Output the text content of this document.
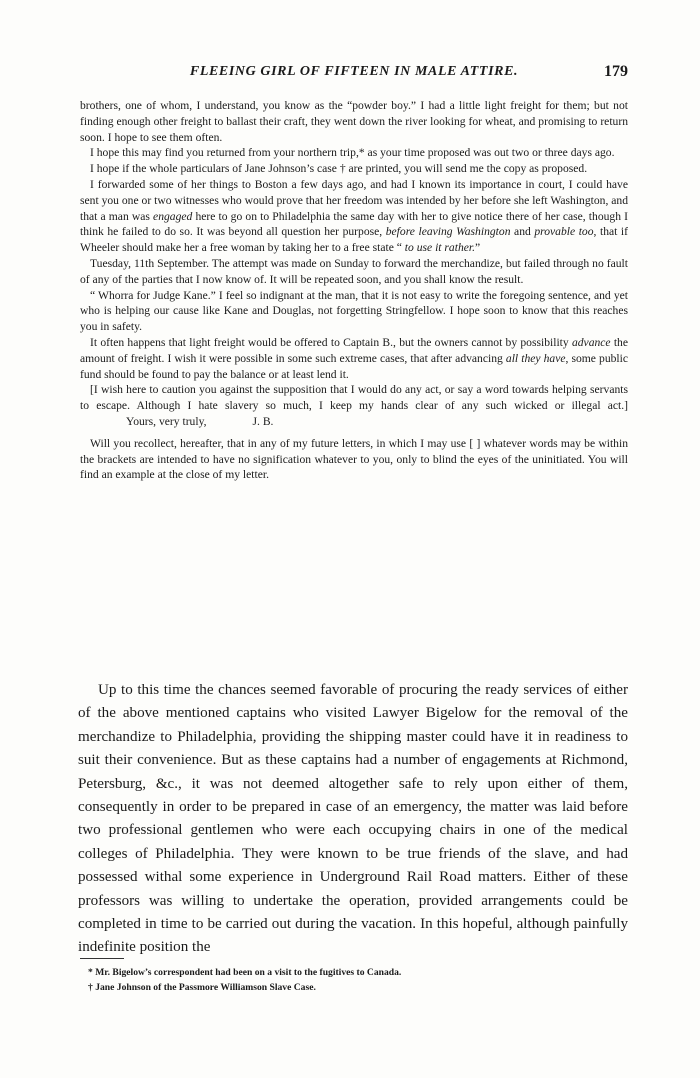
FLEEING GIRL OF FIFTEEN IN MALE ATTIRE.	179

brothers, one of whom, I understand, you know as the “powder boy.” I had a little light freight for them; but not finding enough other freight to ballast their craft, they went down the river looking for wheat, and promising to return soon. I hope to see them often.

I hope this may find you returned from your northern trip,* as your time proposed was out two or three days ago.

I hope if the whole particulars of Jane Johnson’s case † are printed, you will send me the copy as proposed.

I forwarded some of her things to Boston a few days ago, and had I known its importance in court, I could have sent you one or two witnesses who would prove that her freedom was intended by her before she left Washington, and that a man was engaged here to go on to Philadelphia the same day with her to give notice there of her case, though I think he failed to do so. It was beyond all question her purpose, before leaving Washington and provable too, that if Wheeler should make her a free woman by taking her to a free state “ to use it rather.”

Tuesday, 11th September. The attempt was made on Sunday to forward the merchandize, but failed through no fault of any of the parties that I now know of. It will be repeated soon, and you shall know the result.

“ Whorra for Judge Kane.” I feel so indignant at the man, that it is not easy to write the foregoing sentence, and yet who is helping our cause like Kane and Douglas, not forgetting Stringfellow. I hope soon to know that this reaches you in safety.

It often happens that light freight would be offered to Captain B., but the owners cannot by possibility advance the amount of freight. I wish it were possible in some such extreme cases, that after advancing all they have, some public fund should be found to pay the balance or at least lend it.

[I wish here to caution you against the supposition that I would do any act, or say a word towards helping servants to escape. Although I hate slavery so much, I keep my hands clear of any such wicked or illegal act.]Yours, very truly,	J. B.

Will you recollect, hereafter, that in any of my future letters, in which I may use [ ] whatever words may be within the brackets are intended to have no signification whatever to you, only to blind the eyes of the uninitiated. You will find an example at the close of my letter.

Up to this time the chances seemed favorable of procuring the ready services of either of the above mentioned captains who visited Lawyer Bigelow for the removal of the merchandize to Philadelphia, providing the shipping master could have it in readiness to suit their convenience. But as these captains had a number of engagements at Richmond, Petersburg, &c., it was not deemed altogether safe to rely upon either of them, consequently in order to be prepared in case of an emergency, the matter was laid before two professional gentlemen who were each occupying chairs in one of the medical colleges of Philadelphia. They were known to be true friends of the slave, and had possessed withal some experience in Underground Rail Road matters. Either of these professors was willing to undertake the operation, provided arrangements could be completed in time to be carried out during the vacation. In this hopeful, although painfully indefinite position the

* Mr. Bigelow’s correspondent had been on a visit to the fugitives to Canada.

† Jane Johnson of the Passmore Williamson Slave Case.
